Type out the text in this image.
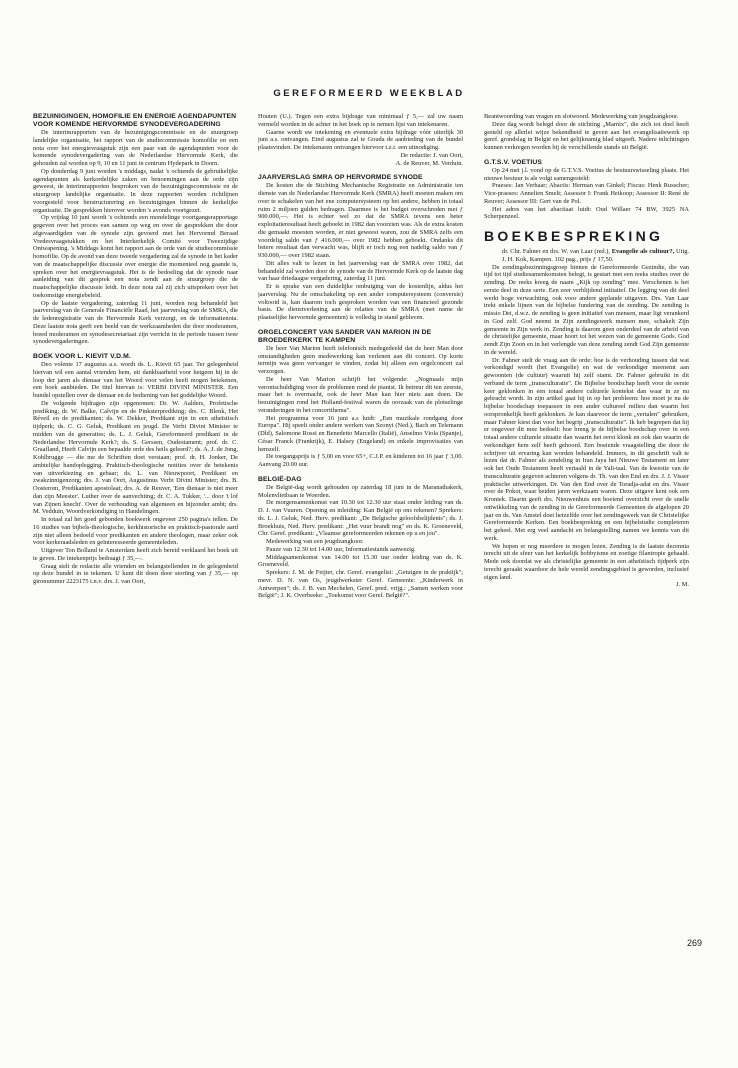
GEREFORMEERD WEEKBLAD
BEZUINIGINGEN, HOMOFILIE EN ENERGIE AGENDAPUNTEN VOOR KOMENDE HERVORMDE SYNODEVERGADERING

De interimrapporten van de bezuinigingscommissie en de stuurgroep landelijke organisatie, het rapport van de studiecommissie homofilie en een nota over het energievraagstuk zijn een paar van de agendapunten voor de komende synodevergadering van de Nederlandse Hervormde Kerk, die gehouden zal worden op 9, 10 en 11 juni in centrum Hydepark in Doorn.

Op donderdag 9 juni worden 's middags, nadat 's ochtends de gebruikelijke agendapunten als kerkordelijke zaken en benoemingen aan de orde zijn geweest, de interimrapporten besproken van de bezuinigingscommissie en de stuurgroep landelijke organisatie. In deze rapporten worden richtlijnen voorgesteld voor herstructurering en bezuinigingen binnen de kerkelijke organisatie. De gesprekken hierover worden 's avonds voortgezet.

Op vrijdag 10 juni wordt 's ochtends een mondelinge voortgangsrapportage gegeven over het proces van samen op weg en over de gesprekken die door afgevaardigden van de synode zijn gevoerd met het Hervormd Beraad Vredesvraagstukken en het Interkerkelijk Comité voor Tweezijdige Ontwapening. 's Middags komt het rapport aan de orde van de studiecommissie homofilie. Op de avond van deze tweede vergadering zal de synode in het kader van de maatschappelijke discussie over energie die momenteel nog gaande is, spreken over het energievraagstuk. Het is de bedoeling dat de synode naar aanleiding van dit gesprek een nota zendt aan de stuurgroep die de maatschappelijke discussie leidt. In deze nota zal zij zich uitspreken over het toekomstige energiebeleid.

Op de laatste vergadering, zaterdag 11 juni, worden nog behandeld het jaarverslag van de Generale Financiële Raad, het jaarverslag van de SMRA, die de ledenregistratie van de Hervormde Kerk verzorgt, en de informatienota. Deze laatste nota geeft een beeld van de werkzaamheden die door moderamen, breed moderamen en synodesecretariaat zijn verricht in de periode tussen twee synodevergaderingen.

BOEK VOOR L. KIEVIT V.D.M.

Deo volente 17 augustus a.s. wordt ds. L. Kievit 65 jaar. Ter gelegenheid hiervan wil een aantal vrienden hem, uit dankbaarheid voor hetgeen hij in de loop der jaren als dienaar van het Woord voor velen heeft mogen betekenen, een boek aanbieden. De titel hiervan is: VERBI DIVINI MINISTER. Een bundel opstellen over de dienaar en de bediening van het goddelijke Woord.

De volgende bijdragen zijn opgenomen: Dr. W. Aalders, Profetische prediking; dr. W. Balke, Calvijn en de Pinksterprediking; drs. C. Blenk, Het Réveil en de predikanten; ds. W. Dekker, Predikant zijn in een atheïstisch tijdperk; ds. C. G. Geluk, Predikant en jeugd. De Verbi Divini Minister te midden van de generaties; ds. L. J. Geluk, Gereformeerd predikant in de Nederlandse Hervormde Kerk?; ds. S. Gerssen, Oudestament; prof. dr. C. Graafland, Heeft Calvijn een bepaalde orde des heils geleerd?; ds. A. J. de Jong, Kohlbrugge — die me de Schriften doet verstaan; prof. dr. H. Jonker, De ambtelijke handoplegging. Praktisch-theologische notities over de betekenis van uitverkiezing en gebaar; ds. L. van Nieuwpoort, Predikant en zwakzinnigenzorg; drs. J. van Oort, Augustinus Verbi Divini Minister; drs. B. Oosterom, Predikanten apostolaat; drs. A. de Reuver, 'Een dienaar is niet meer dan zijn Meester'. Luther over de aanvechting; dr. C. A. Tukker, '... door 't lof van Zijnen knecht'. Over de verhouding van algemeen en bijzonder ambt; drs. M. Vedduin, Woordverkondiging in Handelingen.

In totaal zal het goed gebonden boekwerk ongeveer 250 pagina's tellen. De 16 studies van bijbels-theologische, kerkhistorische en praktisch-pastorale aard zijn niet alleen bedoeld voor predikanten en andere theologen, maar zeker ook voor kerkeraadsleden en geïnteresseerde gemeenteleden.

Uitgever Ton Bolland te Amsterdam heeft zich bereid verklaard het boek uit te geven. De intekenprijs bedraagt ƒ 35,—.

Graag stelt de redactie alle vrienden en belangstellenden in de gelegenheid op deze bundel in te tekenen. U kunt dit doen door storting van ƒ 35,— op gironummer 2223175 t.n.v. drs. J. van Oort,

Houten (U.). Tegen een extra bijdrage van minimaal ƒ 5,— zal uw naam vermeld worden in de achter in het boek op te nemen lijst van intekenaren.

Gaarne wordt uw intekening en eventuele extra bijdrage vóór uiterlijk 30 juni a.s. ontvangen. Eind augustus zal te Gouda de aanbieding van de bundel plaatsvinden. De intekenaren ontvangen hiervoor t.z.t. een uitnodiging.

De redactie: J. van Oort,

A. de Reuver, M. Verduin.

JAARVERSLAG SMRA OP HERVORMDE SYNODE

De kosten die de Stichting Mechanische Registratie en Administratie ten dienste van de Nederlandse Hervormde Kerk (SMRA) heeft moeten maken om over te schakelen van het ene computersysteem op het andere, hebben in totaal ruim 2 miljoen gulden bedragen. Daarmee is het budget overschreden met ƒ 900.000,—. Het is echter wel zo dat de SMRA tevens een beter exploitatieresultaat heeft geboekt in 1982 dan voorzien was. Als de extra kosten die gemaakt moesten worden, er niet geweest waren, zou de SMRA zelfs een voordelig saldo van ƒ 416.000,— over 1982 hebben geboekt. Ondanks dit betere resultaat dan verwacht was, blijft er toch nog een nadelig saldo van ƒ 930.000,— over 1982 staan.

Dit alles valt te lezen in het jaarverslag van de SMRA over 1982, dat behandeld zal worden door de synode van de Hervormde Kerk op de laatste dag van haar driedaagse vergadering, zaterdag 11 juni.

Er is sprake van een duidelijke ombuiging van de kostenlijn, aldus het jaarverslag. Nu de omschakeling op een ander computersysteem (conversie) voltooid is, kan daarom toch gesproken worden van een financieel gezonde basis. De dienstverlening aan de relaties van de SMRA (met name de plaatselijke hervormde gemeenten) is volledig in stand gebleven.

ORGELCONCERT VAN SANDER VAN MARION IN DE BROEDERKERK TE KAMPEN

De heer Van Marion heeft telefonisch medegedeeld dat de heer Man door omstandigheden geen medewerking kan verlenen aan dit concert. Op korte termijn was geen vervanger te vinden, zodat hij alleen een orgelconcert zal verzorgen.

De heer Van Marion schrijft het volgende: „Nogmaals mijn verontschuldiging voor de problemen rond de pianist. Ik betreur dit ten zeerste, maar het is overmacht, ook de heer Man kan hier niets aan doen. De bezuinigingen rond het Holland-festival waren de oorzaak van de plotselinge veranderingen in het concertthema".

Het programma voor 16 juni a.s luidt: „Een muzikale rondgang door Europa". Hij speelt onder andere werken van Szonyi (Ned.), Bach en Telemann (Dld), Salomone Rossi en Benedetto Marcello (Italië), Anselmo Viola (Spanje), César Franck (Frankrijk), E. Halsey (Engeland) en enkele improvisaties van hemzelf.

De toegangsprijs is ƒ 5,00 en voor 65+, C.J.P. en kinderen tot 16 jaar ƒ 3,00. Aanvang 20.00 uur.

BELGIË-DAG

De België-dag wordt gehouden op zaterdag 18 juni in de Maranathakerk, Molenvlietbaan te Woerden.

De morgensamenkomst van 10.30 tot 12.30 uur staat onder leiding van ds. D. J. van Vuuren. Opening en inleiding: Kan België op ons rekenen? Sprekers: ds. L. J. Geluk, Ned. Herv. predikant: „De Belgische geloofsbelijdenis"; ds. J. Broekhuis, Ned. Herv. predikant: „Het vuur brandt nog" en ds. K. Groeneveld, Chr. Geref. predikant: „Vlaamse gereformeerden rekenen op u en jou".

Medewerking van een jeugdzangkoor.

Pauze van 12.30 tot 14.00 uur, Informatiestands aanwezig.

Middagsamenkomst van 14.00 tot 15.30 uur onder leiding van ds. K. Groeneveld.

Sprekers: J. M. de Feijter, chr. Geref. evangelist: „Getuigen in de praktijk"; mevr. D. N. van Os, jeugdwerkster Geref. Gemeente: „Kinderwerk in Antwerpen"; ds. J. B. van Mechelen, Geref. pred. vrijg.: „Samen werken voor België"; J. K. Overbeeke: „Toekomst voor Geref. België?".

Beantwoording van vragen en slotwoord. Medewerking van jeugdzangkoor.

Deze dag wordt belegd door de stichting „Marnix", die zich tot doel heeft gesteld op allerlei wijze bekendheid te geven aan het evangelisatiewerk op geref. grondslag in België en het gelijknamig blad uitgeeft. Nadere inlichtingen kunnen verkregen worden bij de verschillende stands uit België.

G.T.S.V. VOETIUS

Op 24 mei j.l. vond op de G.T.V.S. Voetius de bestuurswisseling plaats. Het nieuwe bestuur is als volgt samengesteld:

Praeses: Jan Verhaar; Abactis: Herman van Ginkel; Fiscus: Henk Russcher; Vice-praeses: Annelien Smelt; Assessor I: Frank Heikoop; Assessor II: René de Reuver; Assessor III: Gert van de Pol.

Het adres van het abactiaat luidt: Oud Willaer 74 BW, 3925 NA Scherpenzeel.

BOEKBESPREKING

dr. Chr. Fahner en drs. W. van Laar (red.), Evangelie als cultuur?, Uitg. J. H. Kok, Kampen. 102 pag., prijs ƒ 17,50.

De zendingsbezinningsgroep binnen de Gereformeerde Gezindte, die van tijd tot tijd studiesamenkomsten belegt, is gestart met een reeks studies over de zending. De reeks kreeg de naam „Kijk op zending" mee. Verschenen is het eerste deel in deze serie. Een zeer verblijdend initiatief. De legging van dit deel werkt hoge verwachting, ook voor andere geplande uitgaven. Drs. Van Laar trekt enkele lijnen van de bijbelse fundering van de zending. De zending is missio Dei, d.w.z. de zending is geen initiatief van mensen, maar ligt verankerd in God zelf. God neemt in Zijn zendingswerk mensen mee, schakelt Zijn gemeente in Zijn werk in. Zending is daarom geen onderdeel van de arbeid van de christelijke gemeente, maar hoort tot het wezen van de gemeente Gods. God zendt Zijn Zoon en in het verlengde van deze zending zendt God Zijn gemeente in de wereld.

Dr. Fahner stelt de vraag aan de orde: hoe is de verhouding tussen dat wat verkondigd wordt (het Evangelie) en wat de verkondiger meenemt aan gewoonten (de cultuur) waaruit hij zelf stamt. Dr. Fahner gebruikt in dit verband de term „transculturatie". De Bijbelse boodschap heeft voor de eerste keer geklonken in een totaal andere culturele kontekst dan waar in ze nu gebracht wordt. In zijn artikel gaat hij in op het probleem: hoe moet je nu de bijbelse boodschap toepassen in een ander cultureel milieu dan waarin het oorspronkelijk heeft geklonken. Je kan daarvoor de term „vertalen" gebruiken, maar Fahner kiest dan voor het begrip „transculturatie". Ik heb begrepen dat hij er ongeveer dit mee bedoelt: hoe breng je de bijbelse boodschap over in een totaal andere culturele situatie dan waarin het eerst klonk en ook dan waarin de verkondiger hem zelf heeft gehoord. Een boeiende vraagstelling die door de schrijver uit ervaring kan worden behandeld. Immers, in dit geschrift valt te lezen dat dr. Fahner als zendeling in Iran Jaya het Nieuwe Testament en later ook het Oude Testament heeft vertaald in de Yali-taal. Van de kwestie van de transculturatie gegeven achteren volgens dr. Th. van den End en drs. J. J. Visser praktische uitwerkingen. Dr. Van den End over de Toradja-adat en drs. Visser over de Pokot, waar beiden jaren werkzaam waren. Deze uitgave kent ook een Kroniek. Daarin geeft drs. Nieuwenhuis een boeiend overzicht over de snelle ontwikkeling van de zending in de Gereformeerde Gemeenten de afgelopen 20 jaar en ds. Van Amstel doet hetzelfde over het zendingswerk van de Christelijke Gereformeerde Kerken. Een boekbespreking en een bijbelstudie completeren het geheel. Met erg veel aandacht en belangstelling namen we kennis van dit werk.

We hopen er nog meerdere te mogen lezen. Zending is de laatste decennia terecht uit de sfeer van het kerkelijk hobbyisme en zoetige filantropie gehaald. Mede ook doordat we als christelijke gemeente in een atheïstisch tijdperk zijn terecht geraakt waardoor de hele wereld zendingsgebied is geworden, inclusief eigen land.

J. M.

269
